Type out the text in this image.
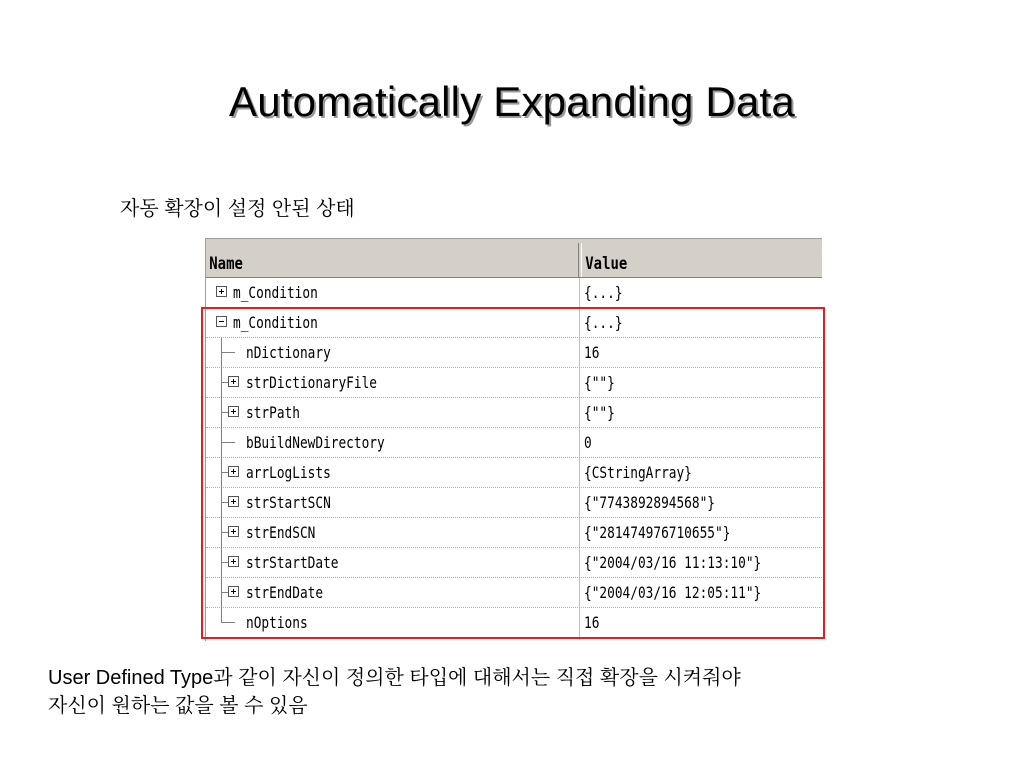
Automatically Expanding Data
자동 확장이 설정 안된 상태
Name	Value
m_Condition	{...}
m_Condition	{...}
nDictionary	16
strDictionaryFile	{""}
strPath	{""}
bBuildNewDirectory	0
arrLogLists	{CStringArray}
strStartSCN	{"7743892894568"}
strEndSCN	{"281474976710655"}
strStartDate	{"2004/03/16 11:13:10"}
strEndDate	{"2004/03/16 12:05:11"}
nOptions	16
User Defined Type과 같이 자신이 정의한 타입에 대해서는 직접 확장을 시켜줘야
자신이 원하는 값을 볼 수 있음
